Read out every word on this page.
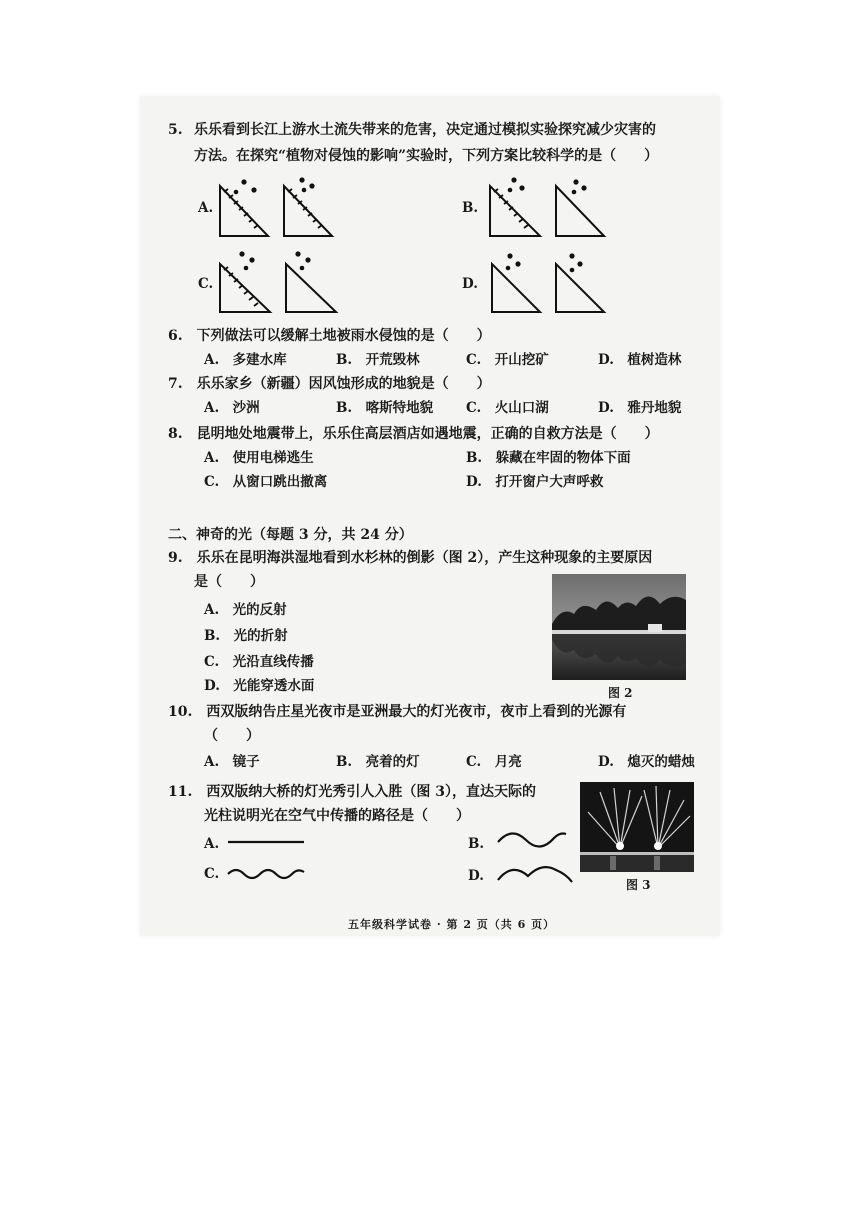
5. 乐乐看到长江上游水土流失带来的危害，决定通过模拟实验探究减少灾害的
方法。在探究“植物对侵蚀的影响”实验时，下列方案比较科学的是（　　）
A.	B.
C.	D.
6.　下列做法可以缓解土地被雨水侵蚀的是（　　）
A.　多建水库	B.　开荒毁林	C.　开山挖矿	D.　植树造林
7.　乐乐家乡（新疆）因风蚀形成的地貌是（　　）
A.　沙洲	B.　喀斯特地貌 C.　火山口湖	D.　雅丹地貌
8.　昆明地处地震带上，乐乐住高层酒店如遇地震，正确的自救方法是（　　）
A.　使用电梯逃生	B.　躲藏在牢固的物体下面
C.　从窗口跳出撤离	D.　打开窗户大声呼救
二、神奇的光（每题 3 分，共 24 分）
9.　乐乐在昆明海洪湿地看到水杉林的倒影（图 2），产生这种现象的主要原因
是（　　）
A.　光的反射
B.　光的折射
C.　光沿直线传播
D.　光能穿透水面	图 2
10.　西双版纳告庄星光夜市是亚洲最大的灯光夜市，夜市上看到的光源有
（　　）
A.　镜子	B.　亮着的灯	C.　月亮	D.　熄灭的蜡烛
11.　西双版纳大桥的灯光秀引人入胜（图 3），直达天际的
光柱说明光在空气中传播的路径是（　　）
A.	B.
C.	D.
图 3
五年级科学试卷 · 第 2 页（共 6 页）
